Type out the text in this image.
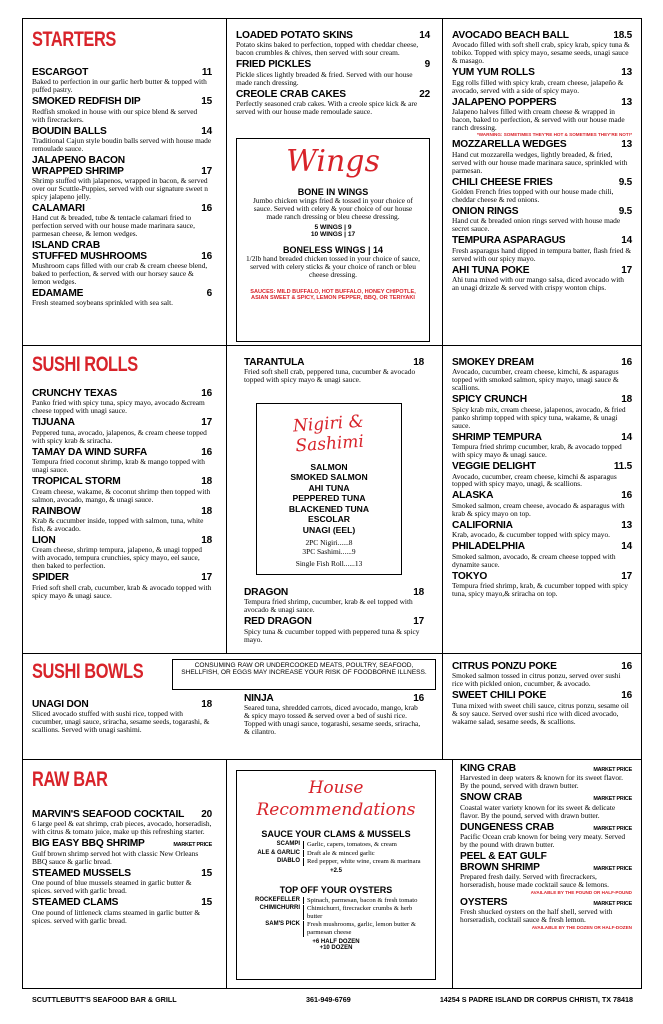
STARTERS
ESCARGOT	11
Baked to perfection in our garlic herb butter & topped with puffed pastry.
SMOKED REDFISH DIP	15
Redfish smoked in house with our spice blend & served with firecrackers.
BOUDIN BALLS	14
Traditional Cajun style boudin balls served with house made remoulade sauce.
JALAPENO BACON
WRAPPED SHRIMP	17
Shrimp stuffed with jalapenos, wrapped in bacon, & served over our Scuttle-Puppies, served with our signature sweet n spicy jalapeno jelly.
CALAMARI	16
Hand cut & breaded, tube & tentacle calamari fried to perfection served with our house made marinara sauce, parmesan cheese, & lemon wedges.
ISLAND CRAB
STUFFED MUSHROOMS	16
Mushroom caps filled with our crab & cream cheese blend, baked to perfection, & served with our horsey sauce & lemon wedges.
EDAMAME	6
Fresh steamed soybeans sprinkled with sea salt.
LOADED POTATO SKINS	14
Potato skins baked to perfection, topped with cheddar cheese, bacon crumbles & chives, then served with sour cream.
FRIED PICKLES	9
Pickle slices lightly breaded & fried. Served with our house made ranch dressing.
CREOLE CRAB CAKES	22
Perfectly seasoned crab cakes. With a creole spice kick & are served with our house made remoulade sauce.
AVOCADO BEACH BALL	18.5
Avocado filled with soft shell crab, spicy krab, spicy tuna & tobiko. Topped with spicy mayo, sesame seeds, unagi sauce & masago.
YUM YUM ROLLS	13
Egg rolls filled with spicy krab, cream cheese, jalapeño & avocado, served with a side of spicy mayo.
JALAPENO POPPERS	13
Jalapeno halves filled with cream cheese & wrapped in bacon, baked to perfection, & served with our house made ranch dressing.
*WARNING: SOMETIMES THEY'RE HOT & SOMETIMES THEY'RE NOT!*
MOZZARELLA WEDGES	13
Hand cut mozzarella wedges, lightly breaded, & fried, served with our house made marinara sauce, sprinkled with parmesan.
CHILI CHEESE FRIES	9.5
Golden French fries topped with our house made chili, cheddar cheese & red onions.
ONION RINGS	9.5
Hand cut & breaded onion rings served with house made secret sauce.
TEMPURA ASPARAGUS	14
Fresh asparagus hand dipped in tempura batter, flash fried & served with our spicy mayo.
AHI TUNA POKE	17
Ahi tuna mixed with our mango salsa, diced avocado with an unagi drizzle & served with crispy wonton chips.
Wings
BONE IN WINGS
Jumbo chicken wings fried & tossed in your choice of sauce. Served with celery & your choice of our house made ranch dressing or bleu cheese dressing.
5 WINGS | 9
10 WINGS | 17
BONELESS WINGS | 14
1/2lb hand breaded chicken tossed in your choice of sauce, served with celery sticks & your choice of ranch or bleu cheese dressing.
SAUCES: MILD BUFFALO, HOT BUFFALO, HONEY CHIPOTLE, ASIAN SWEET & SPICY, LEMON PEPPER, BBQ, OR TERIYAKI
SUSHI ROLLS
CRUNCHY TEXAS	16
Panko fried with spicy tuna, spicy mayo, avocado &cream cheese topped with unagi sauce.
TIJUANA	17
Peppered tuna, avocado, jalapenos, & cream cheese topped with spicy krab & sriracha.
TAMAY DA WIND SURFA	16
Tempura fried coconut shrimp, krab & mango topped with unagi sauce.
TROPICAL STORM	18
Cream cheese, wakame, & coconut shrimp then topped with salmon, avocado, mango, & unagi sauce.
RAINBOW	18
Krab & cucumber inside, topped with salmon, tuna, white fish, & avocado.
LION	18
Cream cheese, shrimp tempura, jalapeno, & unagi topped with avocado, tempura crunchies, spicy mayo, eel sauce, then baked to perfection.
SPIDER	17
Fried soft shell crab, cucumber, krab & avocado topped with spicy mayo & unagi sauce.
TARANTULA	18
Fried soft shell crab, peppered tuna, cucumber & avocado topped with spicy mayo & unagi sauce.
DRAGON	18
Tempura fried shrimp, cucumber, krab & eel topped with avocado & unagi sauce.
RED DRAGON	17
Spicy tuna & cucumber topped with peppered tuna & spicy mayo.
SMOKEY DREAM	16
Avocado, cucumber, cream cheese, kimchi, & asparagus topped with smoked salmon, spicy mayo, unagi sauce & scallions.
SPICY CRUNCH	18
Spicy krab mix, cream cheese, jalapenos, avocado, & fried panko shrimp topped with spicy tuna, wakame, & unagi sauce.
SHRIMP TEMPURA	14
Tempura fried shrimp cucumber, krab, & avocado topped with spicy mayo & unagi sauce.
VEGGIE DELIGHT	11.5
Avocado, cucumber, cream cheese, kimchi & asparagus topped with spicy mayo, unagi, & scallions.
ALASKA	16
Smoked salmon, cream cheese, avocado & asparagus with krab & spicy mayo on top.
CALIFORNIA	13
Krab, avocado, & cucumber topped with spicy mayo.
PHILADELPHIA	14
Smoked salmon, avocado, & cream cheese topped with dynamite sauce.
TOKYO	17
Tempura fried shrimp, krab, & cucumber topped with spicy tuna, spicy mayo,& sriracha on top.
Nigiri & Sashimi
SALMON
SMOKED SALMON
AHI TUNA
PEPPERED TUNA
BLACKENED TUNA
ESCOLAR
UNAGI (EEL)
2PC Nigiri......8
3PC Sashimi......9
Single Fish Roll......13
SUSHI BOWLS	CONSUMING RAW OR UNDERCOOKED MEATS, POULTRY, SEAFOOD, SHELLFISH, OR EGGS MAY INCREASE YOUR RISK OF FOODBORNE ILLNESS.
UNAGI DON	18
Sliced avocado stuffed with sushi rice, topped with cucumber, unagi sauce, sriracha, sesame seeds, togarashi, & scallions. Served with unagi sashimi.
NINJA	16
Seared tuna, shredded carrots, diced avocado, mango, krab & spicy mayo tossed & served over a bed of sushi rice. Topped with unagi sauce, togarashi, sesame seeds, sriracha, & cilantro.
CITRUS PONZU POKE	16
Smoked salmon tossed in citrus ponzu, served over sushi rice with pickled onion, cucumber, & avocado.
SWEET CHILI POKE	16
Tuna mixed with sweet chili sauce, citrus ponzu, sesame oil & soy sauce. Served over sushi rice with diced avocado, wakame salad, sesame seeds, & scallions.
RAW BAR
MARVIN'S SEAFOOD COCKTAIL 20
6 large peel & eat shrimp, crab pieces, avocado, horseradish, with citrus & tomato juice, make up this refreshing starter.
BIG EASY BBQ SHRIMP	MARKET PRICE
Gulf brown shrimp served hot with classic New Orleans BBQ sauce & garlic bread.
STEAMED MUSSELS	15
One pound of blue mussels steamed in garlic butter & spices. served with garlic bread.
STEAMED CLAMS	15
One pound of littleneck clams steamed in garlic butter & spices. served with garlic bread.
KING CRAB	MARKET PRICE
Harvested in deep waters & known for its sweet flavor. By the pound, served with drawn butter.
SNOW CRAB	MARKET PRICE
Coastal water variety known for its sweet & delicate flavor. By the pound, served with drawn butter.
DUNGENESS CRAB	MARKET PRICE
Pacific Ocean crab known for being very meaty. Served by the pound with drawn butter.
PEEL & EAT GULF
BROWN SHRIMP	MARKET PRICE
Prepared fresh daily. Served with firecrackers, horseradish, house made cocktail sauce & lemons.
AVAILABLE BY THE POUND OR HALF-POUND
OYSTERS	MARKET PRICE
Fresh shucked oysters on the half shell, served with horseradish, cocktail sauce & fresh lemon.
AVAILABLE BY THE DOZEN OR HALF-DOZEN
House Recommendations
SAUCE YOUR CLAMS & MUSSELS
SCAMPI	Garlic, capers, tomatoes, & cream
ALE & GARLIC	Draft ale & minced garlic
DIABLO	Red pepper, white wine, cream & marinara
+2.5
TOP OFF YOUR OYSTERS
ROCKEFELLER	Spinach, parmesan, bacon & fresh tomato
CHIMICHURRI	Chimichurri, firecracker crumbs & herb butter
SAM'S PICK	Fresh mushrooms, garlic, lemon butter & parmesan cheese
+6 HALF DOZEN
+10 DOZEN
SCUTTLEBUTT'S SEAFOOD BAR & GRILL	361-949-6769	14254 S PADRE ISLAND DR CORPUS CHRISTI, TX 78418
